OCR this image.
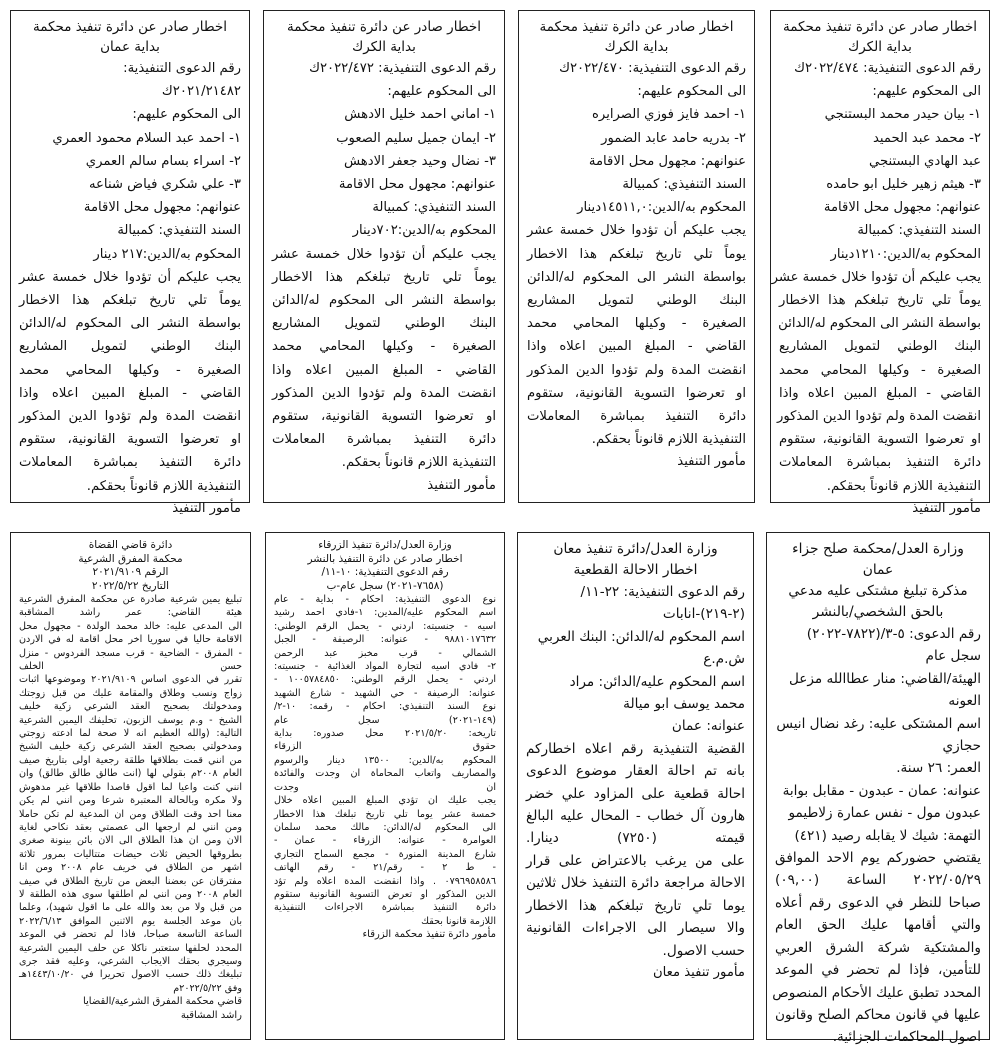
اخطار صادر عن دائرة تنفيذ محكمة
بداية الكرك
رقم الدعوى التنفيذية: ٢٠٢٢/٤٧٤ك
الى المحكوم عليهم:
١- بيان حيدر محمد البستنجي
٢- محمد عبد الحميد
عبد الهادي البستنجي
٣- هيثم زهير خليل ابو حامده
عنوانهم: مجهول محل الاقامة
السند التنفيذي: كمبيالة
المحكوم به/الدين:١٢١٠دينار
يجب عليكم أن تؤدوا خلال خمسة عشر
يوماً تلي تاريخ تبلغكم هذا الاخطار
بواسطة النشر الى المحكوم له/الدائن
البنك الوطني لتمويل المشاريع
الصغيرة - وكيلها المحامي محمد
القاضي - المبلغ المبين اعلاه واذا
انقضت المدة ولم تؤدوا الدين المذكور
او تعرضوا التسوية القانونية، ستقوم
دائرة التنفيذ بمباشرة المعاملات
التنفيذية اللازم قانوناً بحقكم.
مأمور التنفيذ
اخطار صادر عن دائرة تنفيذ محكمة
بداية الكرك
رقم الدعوى التنفيذية: ٢٠٢٢/٤٧٠ك
الى المحكوم عليهم:
١- احمد فايز فوزي الصرايره
٢- بدريه حامد عابد الضمور
عنوانهم: مجهول محل الاقامة
السند التنفيذي: كمبيالة
المحكوم به/الدين:١٤٥١١,٠دينار
يجب عليكم أن تؤدوا خلال خمسة عشر
يوماً تلي تاريخ تبلغكم هذا الاخطار
بواسطة النشر الى المحكوم له/الدائن
البنك الوطني لتمويل المشاريع
الصغيرة - وكيلها المحامي محمد
القاضي - المبلغ المبين اعلاه واذا
انقضت المدة ولم تؤدوا الدين المذكور
او تعرضوا التسوية القانونية، ستقوم
دائرة التنفيذ بمباشرة المعاملات
التنفيذية اللازم قانوناً بحقكم.
مأمور التنفيذ
اخطار صادر عن دائرة تنفيذ محكمة
بداية الكرك
رقم الدعوى التنفيذية: ٢٠٢٢/٤٧٢ك
الى المحكوم عليهم:
١- اماني احمد خليل الادهش
٢- ايمان جميل سليم الصعوب
٣- نضال وحيد جعفر الادهش
عنوانهم: مجهول محل الاقامة
السند التنفيذي: كمبيالة
المحكوم به/الدين:٧٠٢دينار
يجب عليكم أن تؤدوا خلال خمسة عشر
يوماً تلي تاريخ تبلغكم هذا الاخطار
بواسطة النشر الى المحكوم له/الدائن
البنك الوطني لتمويل المشاريع
الصغيرة - وكيلها المحامي محمد
القاضي - المبلغ المبين اعلاه واذا
انقضت المدة ولم تؤدوا الدين المذكور
او تعرضوا التسوية القانونية، ستقوم
دائرة التنفيذ بمباشرة المعاملات
التنفيذية اللازم قانوناً بحقكم.
مأمور التنفيذ
اخطار صادر عن دائرة تنفيذ محكمة
بداية عمان
رقم الدعوى التنفيذية:
٢٠٢١/٢١٤٨٢ك
الى المحكوم عليهم:
١- احمد عبد السلام محمود العمري
٢- اسراء بسام سالم العمري
٣- علي شكري فياض شناعه
عنوانهم: مجهول محل الاقامة
السند التنفيذي: كمبيالة
المحكوم به/الدين:٢١٧ دينار
يجب عليكم أن تؤدوا خلال خمسة عشر
يوماً تلي تاريخ تبلغكم هذا الاخطار
بواسطة النشر الى المحكوم له/الدائن
البنك الوطني لتمويل المشاريع
الصغيرة - وكيلها المحامي محمد
القاضي - المبلغ المبين اعلاه واذا
انقضت المدة ولم تؤدوا الدين المذكور
او تعرضوا التسوية القانونية، ستقوم
دائرة التنفيذ بمباشرة المعاملات
التنفيذية اللازم قانوناً بحقكم.
مأمور التنفيذ
وزارة العدل/محكمة صلح جزاء عمان
مذكرة تبليغ مشتكى عليه مدعي
بالحق الشخصي/بالنشر
رقم الدعوى: ٥-٣/(٧٨٢٢-٢٠٢٢)
سجل عام
الهيئة/القاضي: منار عطاالله مزعل
العونه
اسم المشتكى عليه: رغد نضال انيس
حجازي
العمر: ٢٦ سنة.
عنوانه: عمان - عبدون - مقابل بوابة
عبدون مول - نفس عمارة زلاطيمو
التهمة: شيك لا يقابله رصيد (٤٢١)
يقتضي حضوركم يوم الاحد الموافق
٢٠٢٢/٠٥/٢٩ الساعة (٠٩,٠٠)
صباحا للنظر في الدعوى رقم أعلاه
والتي أقامها عليك الحق العام
والمشتكية شركة الشرق العربي
للتأمين، فإذا لم تحضر في الموعد
المحدد تطبق عليك الأحكام المنصوص
عليها في قانون محاكم الصلح وقانون
اصول المحاكمات الجزائية.
وزارة العدل/دائرة تنفيذ معان
اخطار الاحالة القطعية
رقم الدعوى التنفيذية: ٢٢-١١/
(٢-٢١٩)-انابات
اسم المحكوم له/الدائن: البنك العربي
ش.م.ع
اسم المحكوم عليه/الدائن: مراد
محمد يوسف ابو ميالة
عنوانه: عمان
القضية التنفيذية رقم اعلاه اخطاركم
بانه تم احالة العقار موضوع الدعوى
احالة قطعية على المزاود علي خضر
هارون آل خطاب - المحال عليه البالغ
قيمته (٧٢٥٠) دينارا.
على من يرغب بالاعتراض على قرار
الاحالة مراجعة دائرة التنفيذ خلال ثلاثين
يوما تلي تاريخ تبلغكم هذا الاخطار
والا سيصار الى الاجراءات القانونية
حسب الاصول.
مأمور تنفيذ معان
وزارة العدل/دائرة تنفيذ الزرقاء
اخطار صادر عن دائرة التنفيذ بالنشر
رقم الدعوى التنفيذية: ١٠-١١/
(٧٦٥٨-٢٠٢١) سجل عام-ب
نوع الدعوى التنفيذية: احكام - بداية - عام
اسم المحكوم عليه/المدين: ١-فادي احمد رشيد
اسيه - جنسيته: اردني - يحمل الرقم الوطني:
٩٨٨١٠١٧٦٣٢ - عنوانه: الرصيفة - الجبل
الشمالي - قرب مخبز عبد الرحمن
٢- فادي اسيه لتجارة المواد الغذائية - جنسيته:
اردني - يحمل الرقم الوطني: ١٠٠٥٧٨٤٨٥٠ -
عنوانه: الرصيفة - حي الشهيد - شارع الشهيد
نوع السند التنفيذي: احكام - رقمه: ١٠-٢/
(١٤٩-٢٠٢١) سجل عام
تاريخه: ٢٠٢١/٥/٢٠ محل صدوره: بداية
حقوق الزرقاء
المحكوم به/الدين: ١٣٥٠٠ دينار والرسوم
والمصاريف واتعاب المحاماة ان وجدت والفائدة
ان وجدت
يجب عليك ان تؤدي المبلغ المبين اعلاه خلال
خمسة عشر يوما تلي تاريخ تبلغك هذا الاخطار
الى المحكوم له/الدائن: مالك محمد سلمان
العوامرة - عنوانه: الزرقاء - عمان -
شارع المدينة المنورة - مجمع السماح التجاري
- ط ٢ - رقم/٢١ - رقم الهاتف
٠٧٩٦٩٥٨٥٨٦ . واذا انقضت المدة اعلاه ولم تؤد
الدين المذكور او تعرض التسوية القانونية ستقوم
دائرة التنفيذ بمباشرة الاجراءات التنفيذية
اللازمة قانونا بحقك
مأمور دائرة تنفيذ محكمة الزرقاء
دائرة قاضي القضاة
محكمة المفرق الشرعية
الرقم ٢٠٢١/٩١٠٩
التاريخ ٢٠٢٢/٥/٢٢
تبليغ يمين شرعية صادرة عن محكمة المفرق الشرعية
هيئة القاضي: عمر راشد المشاقبة
الى المدعى عليه: خالد محمد الولدة - مجهول محل
الاقامة حاليا في سوريا اخر محل اقامة له في الاردن
- المفرق - الضاحية - قرب مسجد الفردوس - منزل
حسن الخلف
تقرر في الدعوى اساس ٢٠٢١/٩١٠٩ وموضوعها اثبات
زواج ونسب وطلاق والمقامة عليك من قبل زوجتك
ومدخولتك بصحيح العقد الشرعي زكية خليف
الشيخ - و.م يوسف الزبون، تحليفك اليمين الشرعية
التالية: (والله العظيم انه لا صحة لما ادعته زوجتي
ومدخولتي بصحيح العقد الشرعي زكية خليف الشيخ
من انني قمت بطلاقها طلقة رجعية اولى بتاريخ صيف
العام ٢٠٠٨م بقولي لها (انت طالق طالق طالق) وان
انني كنت واعيا لما اقول قاصدا طلاقها غير مدهوش
ولا مكره وبالحالة المعتبرة شرعا ومن انني لم يكن
معنا احد وقت الطلاق ومن ان المدعية لم تكن حاملا
ومن انني لم ارجعها الى عصمتي بعقد نكاحي لغاية
الان ومن ان هذا الطلاق الى الان بائن بينونة صغرى
بطروقها الحيض ثلاث حيضات متتاليات بمرور ثلاثة
اشهر من الطلاق في خريف عام ٢٠٠٨ ومن انا
مفترقان عن بعضنا البعض من تاريخ الطلاق في صيف
العام ٢٠٠٨ ومن انني لم اطلقها سوى هذه الطلقة لا
من قبل ولا من بعد والله على ما اقول شهيد)، وعلما
بان موعد الجلسة يوم الاثنين الموافق ٢٠٢٢/٦/١٣
الساعة التاسعة صباحا، فاذا لم تحضر في الموعد
المحدد لحلفها ستعتبر ناكلا عن حلف اليمين الشرعية
وسيجري بحقك الايجاب الشرعي، وعليه فقد جرى
تبليغك ذلك حسب الاصول تحريرا في ١٤٤٣/١٠/٢٠هـ
وفق ٢٠٢٢/٥/٢٢م
قاضي محكمة المفرق الشرعية/القضايا
راشد المشاقبة
